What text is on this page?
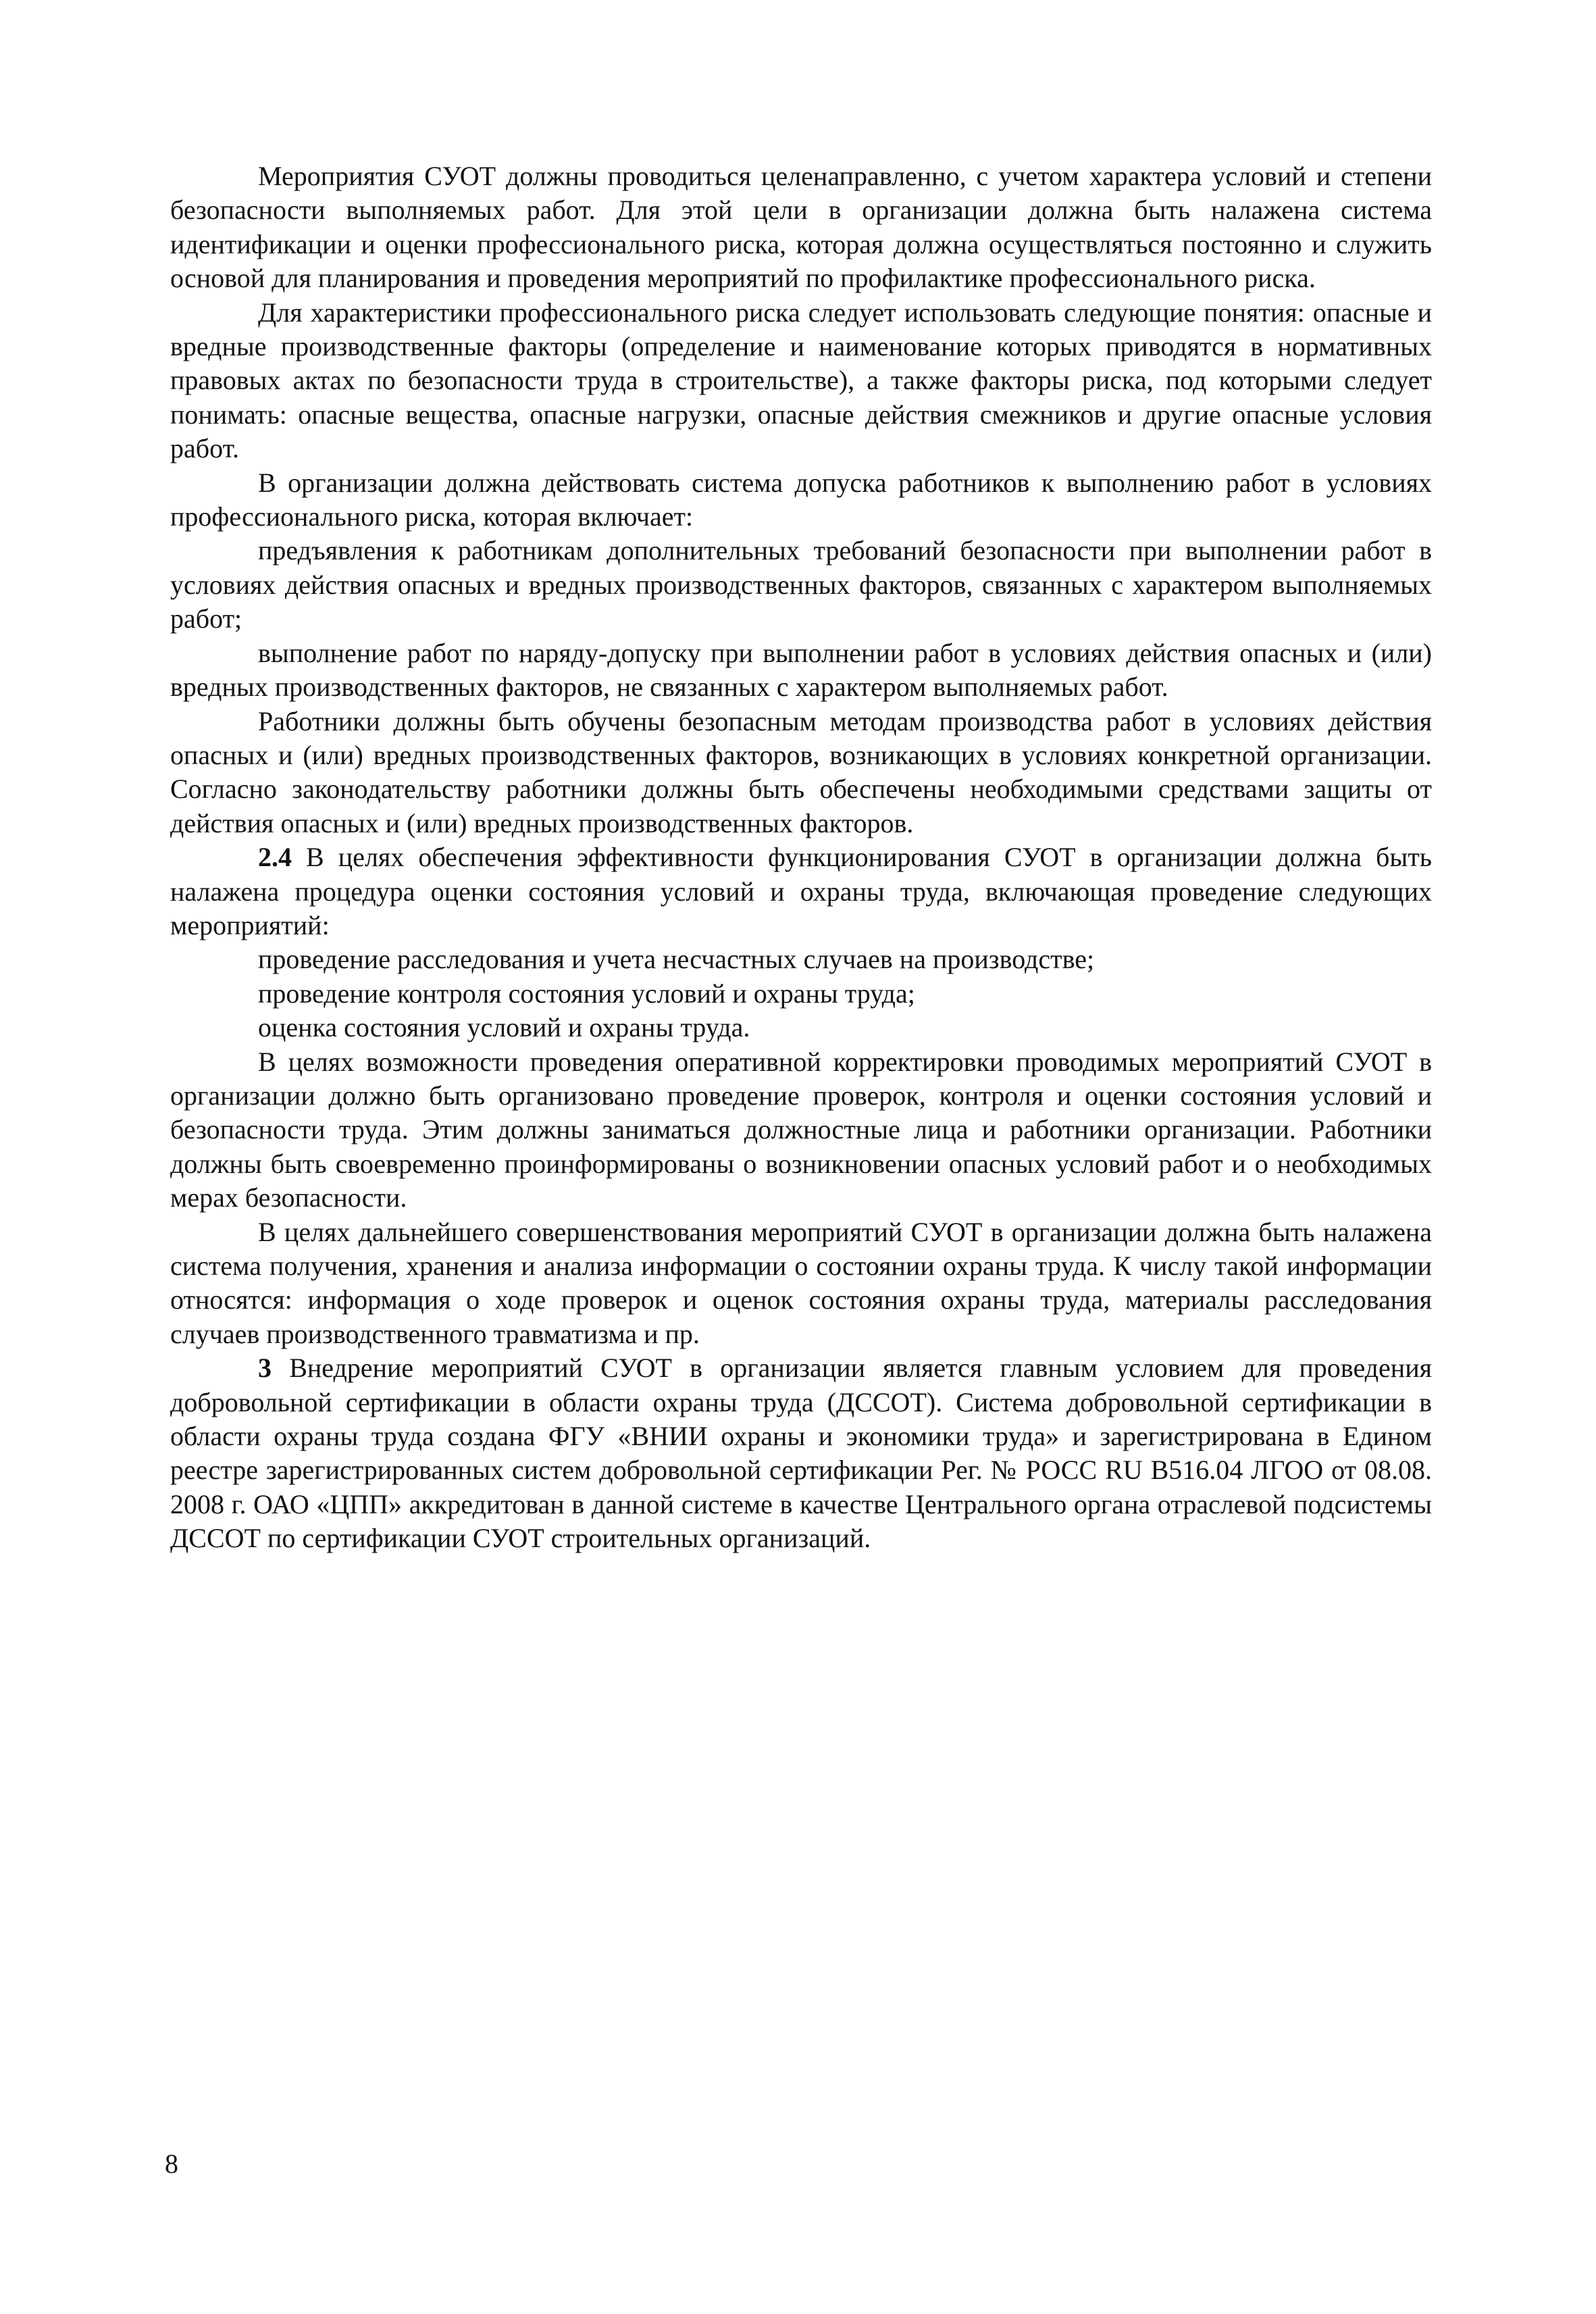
Мероприятия СУОТ должны проводиться целенаправленно, с учетом характера условий и степени безопасности выполняемых работ. Для этой цели в организации должна быть налажена система идентификации и оценки профессионального риска, которая должна осуществляться постоянно и служить основой для планирования и проведения мероприятий по профилактике профессионального риска.

Для характеристики профессионального риска следует использовать следующие понятия: опасные и вредные производственные факторы (определение и наименование которых приводятся в нормативных правовых актах по безопасности труда в строительстве), а также факторы риска, под которыми следует понимать: опасные вещества, опасные нагрузки, опасные действия смежников и другие опасные условия работ.

В организации должна действовать система допуска работников к выполнению работ в условиях профессионального риска, которая включает:

предъявления к работникам дополнительных требований безопасности при выполнении работ в условиях действия опасных и вредных производственных факторов, связанных с характером выполняемых работ;

выполнение работ по наряду-допуску при выполнении работ в условиях действия опасных и (или) вредных производственных факторов, не связанных с характером выполняемых работ.

Работники должны быть обучены безопасным методам производства работ в условиях действия опасных и (или) вредных производственных факторов, возникающих в условиях конкретной организации. Согласно законодательству работники должны быть обеспечены необходимыми средствами защиты от действия опасных и (или) вредных производственных факторов.

2.4 В целях обеспечения эффективности функционирования СУОТ в организации должна быть налажена процедура оценки состояния условий и охраны труда, включающая проведение следующих мероприятий:

проведение расследования и учета несчастных случаев на производстве;

проведение контроля состояния условий и охраны труда;

оценка состояния условий и охраны труда.

В целях возможности проведения оперативной корректировки проводимых мероприятий СУОТ в организации должно быть организовано проведение проверок, контроля и оценки состояния условий и безопасности труда. Этим должны заниматься должностные лица и работники организации. Работники должны быть своевременно проинформированы о возникновении опасных условий работ и о необходимых мерах безопасности.

В целях дальнейшего совершенствования мероприятий СУОТ в организации должна быть налажена система получения, хранения и анализа информации о состоянии охраны труда. К числу такой информации относятся: информация о ходе проверок и оценок состояния охраны труда, материалы расследования случаев производственного травматизма и пр.

3 Внедрение мероприятий СУОТ в организации является главным условием для проведения добровольной сертификации в области охраны труда (ДССОТ). Система добровольной сертификации в области охраны труда создана ФГУ «ВНИИ охраны и экономики труда» и зарегистрирована в Едином реестре зарегистрированных систем добровольной сертификации Рег. № РОСС RU B516.04 ЛГОО от 08.08. 2008 г. ОАО «ЦПП» аккредитован в данной системе в качестве Центрального органа отраслевой подсистемы ДССОТ по сертификации СУОТ строительных организаций.

8
